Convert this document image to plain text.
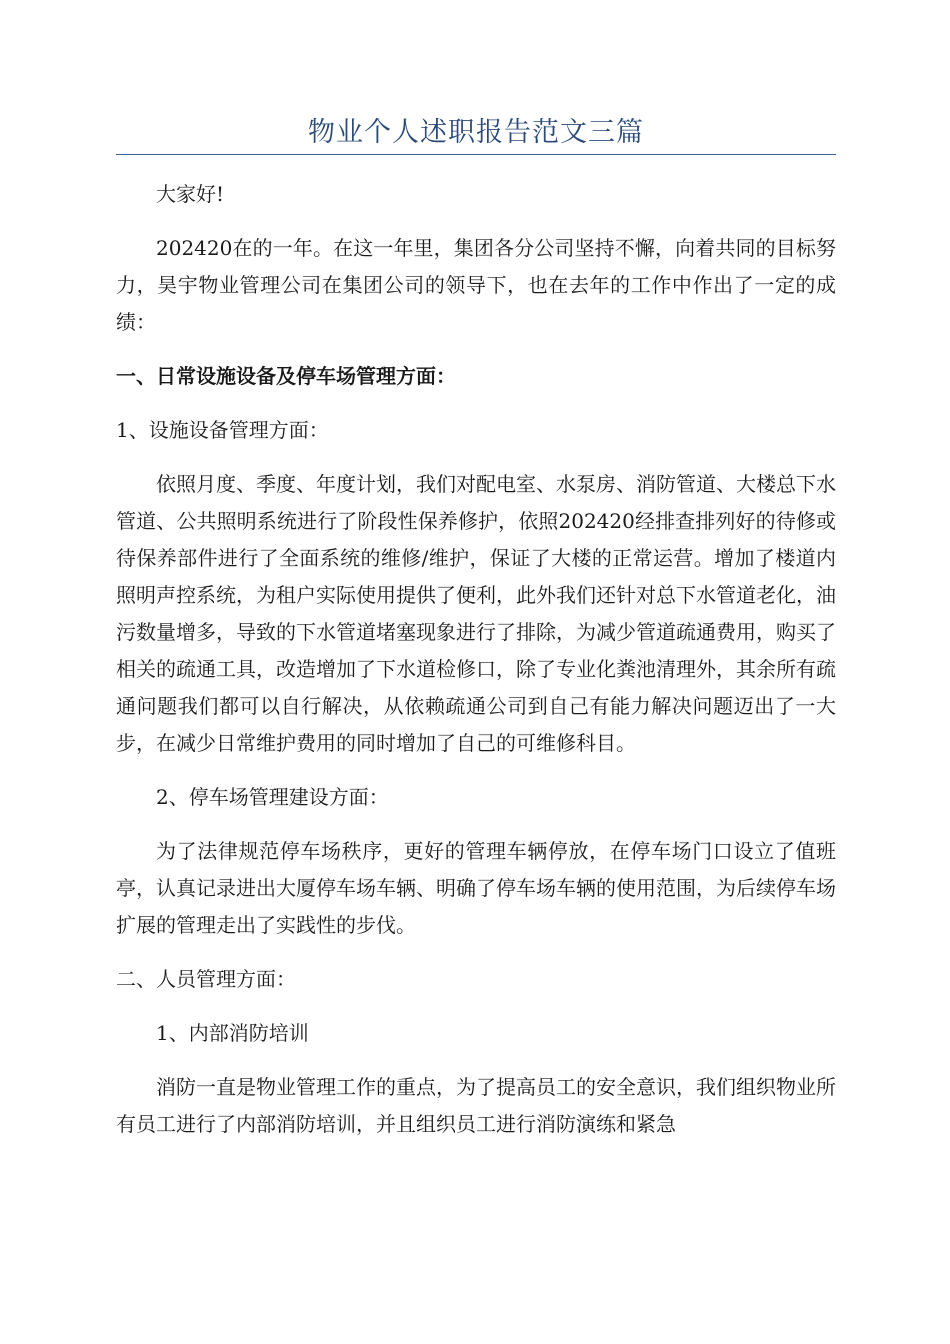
物业个人述职报告范文三篇

大家好!

202420在的一年。在这一年里，集团各分公司坚持不懈，向着共同的目标努力，昊宇物业管理公司在集团公司的领导下，也在去年的工作中作出了一定的成绩：

一、日常设施设备及停车场管理方面：

1、设施设备管理方面：

依照月度、季度、年度计划，我们对配电室、水泵房、消防管道、大楼总下水管道、公共照明系统进行了阶段性保养修护，依照202420经排查排列好的待修或待保养部件进行了全面系统的维修/维护，保证了大楼的正常运营。增加了楼道内照明声控系统，为租户实际使用提供了便利，此外我们还针对总下水管道老化，油污数量增多，导致的下水管道堵塞现象进行了排除，为减少管道疏通费用，购买了相关的疏通工具，改造增加了下水道检修口，除了专业化粪池清理外，其余所有疏通问题我们都可以自行解决，从依赖疏通公司到自己有能力解决问题迈出了一大步，在减少日常维护费用的同时增加了自己的可维修科目。

2、停车场管理建设方面：

为了法律规范停车场秩序，更好的管理车辆停放，在停车场门口设立了值班亭，认真记录进出大厦停车场车辆、明确了停车场车辆的使用范围，为后续停车场扩展的管理走出了实践性的步伐。

二、人员管理方面：

1、内部消防培训

消防一直是物业管理工作的重点，为了提高员工的安全意识，我们组织物业所有员工进行了内部消防培训，并且组织员工进行消防演练和紧急
